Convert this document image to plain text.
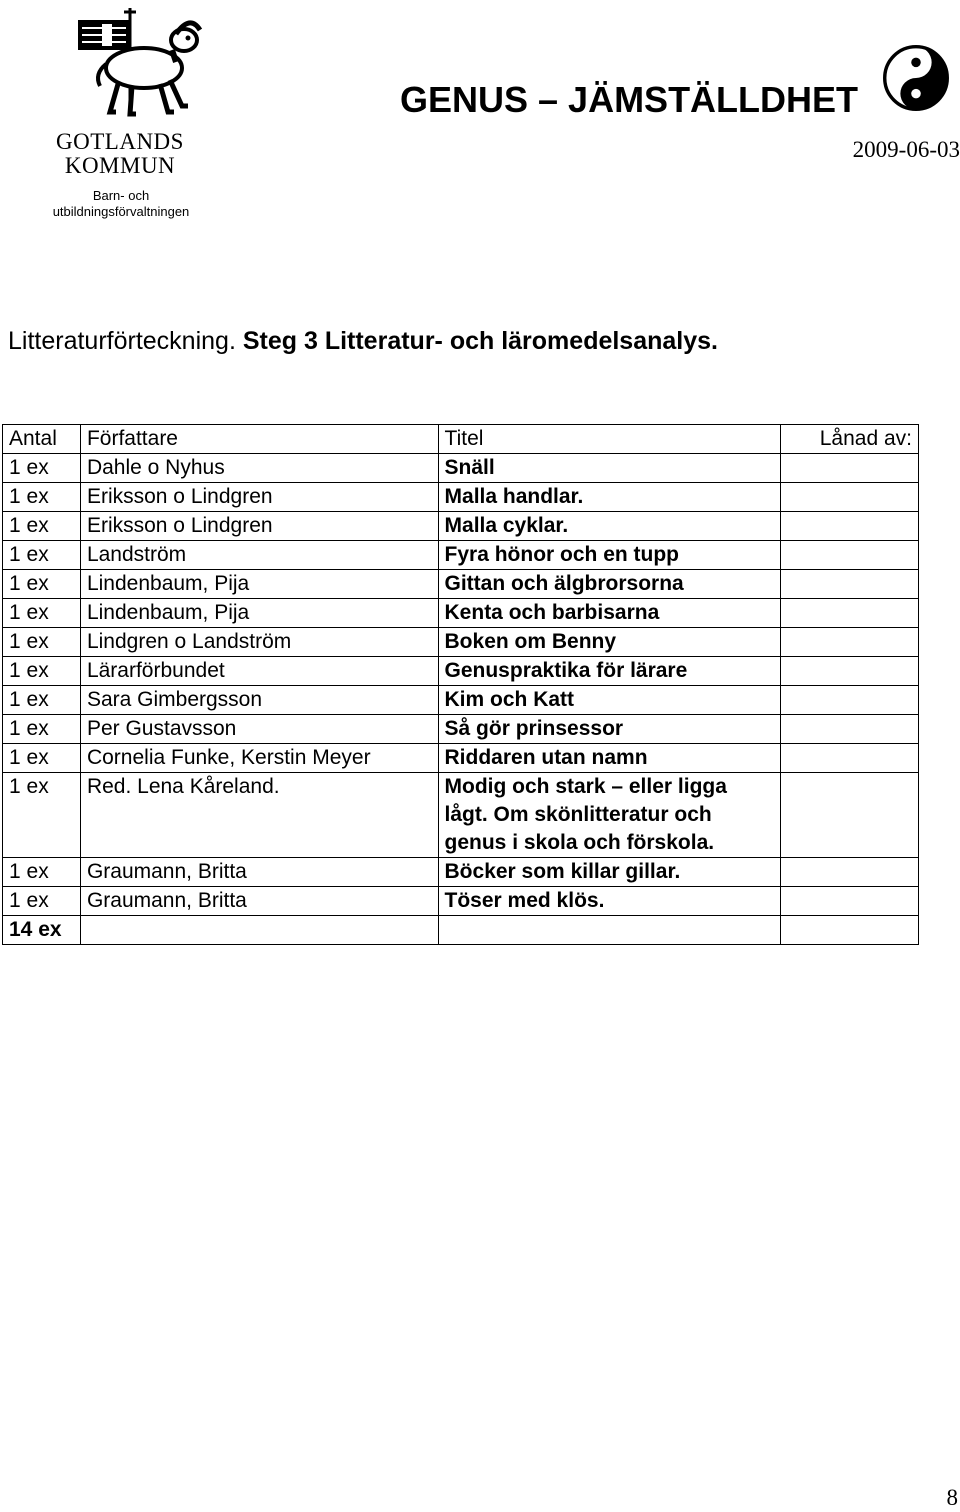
GOTLANDS
KOMMUN
Barn- och
utbildningsförvaltningen
GENUS – JÄMSTÄLLDHET
2009-06-03
Litteraturförteckning. Steg 3 Litteratur- och läromedelsanalys.
Antal	Författare	Titel	Lånad av:
1 ex	Dahle o Nyhus	Snäll	
1 ex	Eriksson o Lindgren	Malla handlar.	
1 ex	Eriksson o Lindgren	Malla cyklar.	
1 ex	Landström	Fyra hönor och en tupp	
1 ex	Lindenbaum, Pija	Gittan och älgbrorsorna	
1 ex	Lindenbaum, Pija	Kenta och barbisarna	
1 ex	Lindgren o Landström	Boken om Benny	
1 ex	Lärarförbundet	Genuspraktika för lärare	
1 ex	Sara Gimbergsson	Kim och Katt	
1 ex	Per Gustavsson	Så gör prinsessor	
1 ex	Cornelia Funke, Kerstin Meyer	Riddaren utan namn	
1 ex	Red. Lena Kåreland.	Modig och stark – eller ligga lågt. Om skönlitteratur och genus i skola och förskola.	
1 ex	Graumann, Britta	Böcker som killar gillar.	
1 ex	Graumann, Britta	Töser med klös.	
14 ex			
8
